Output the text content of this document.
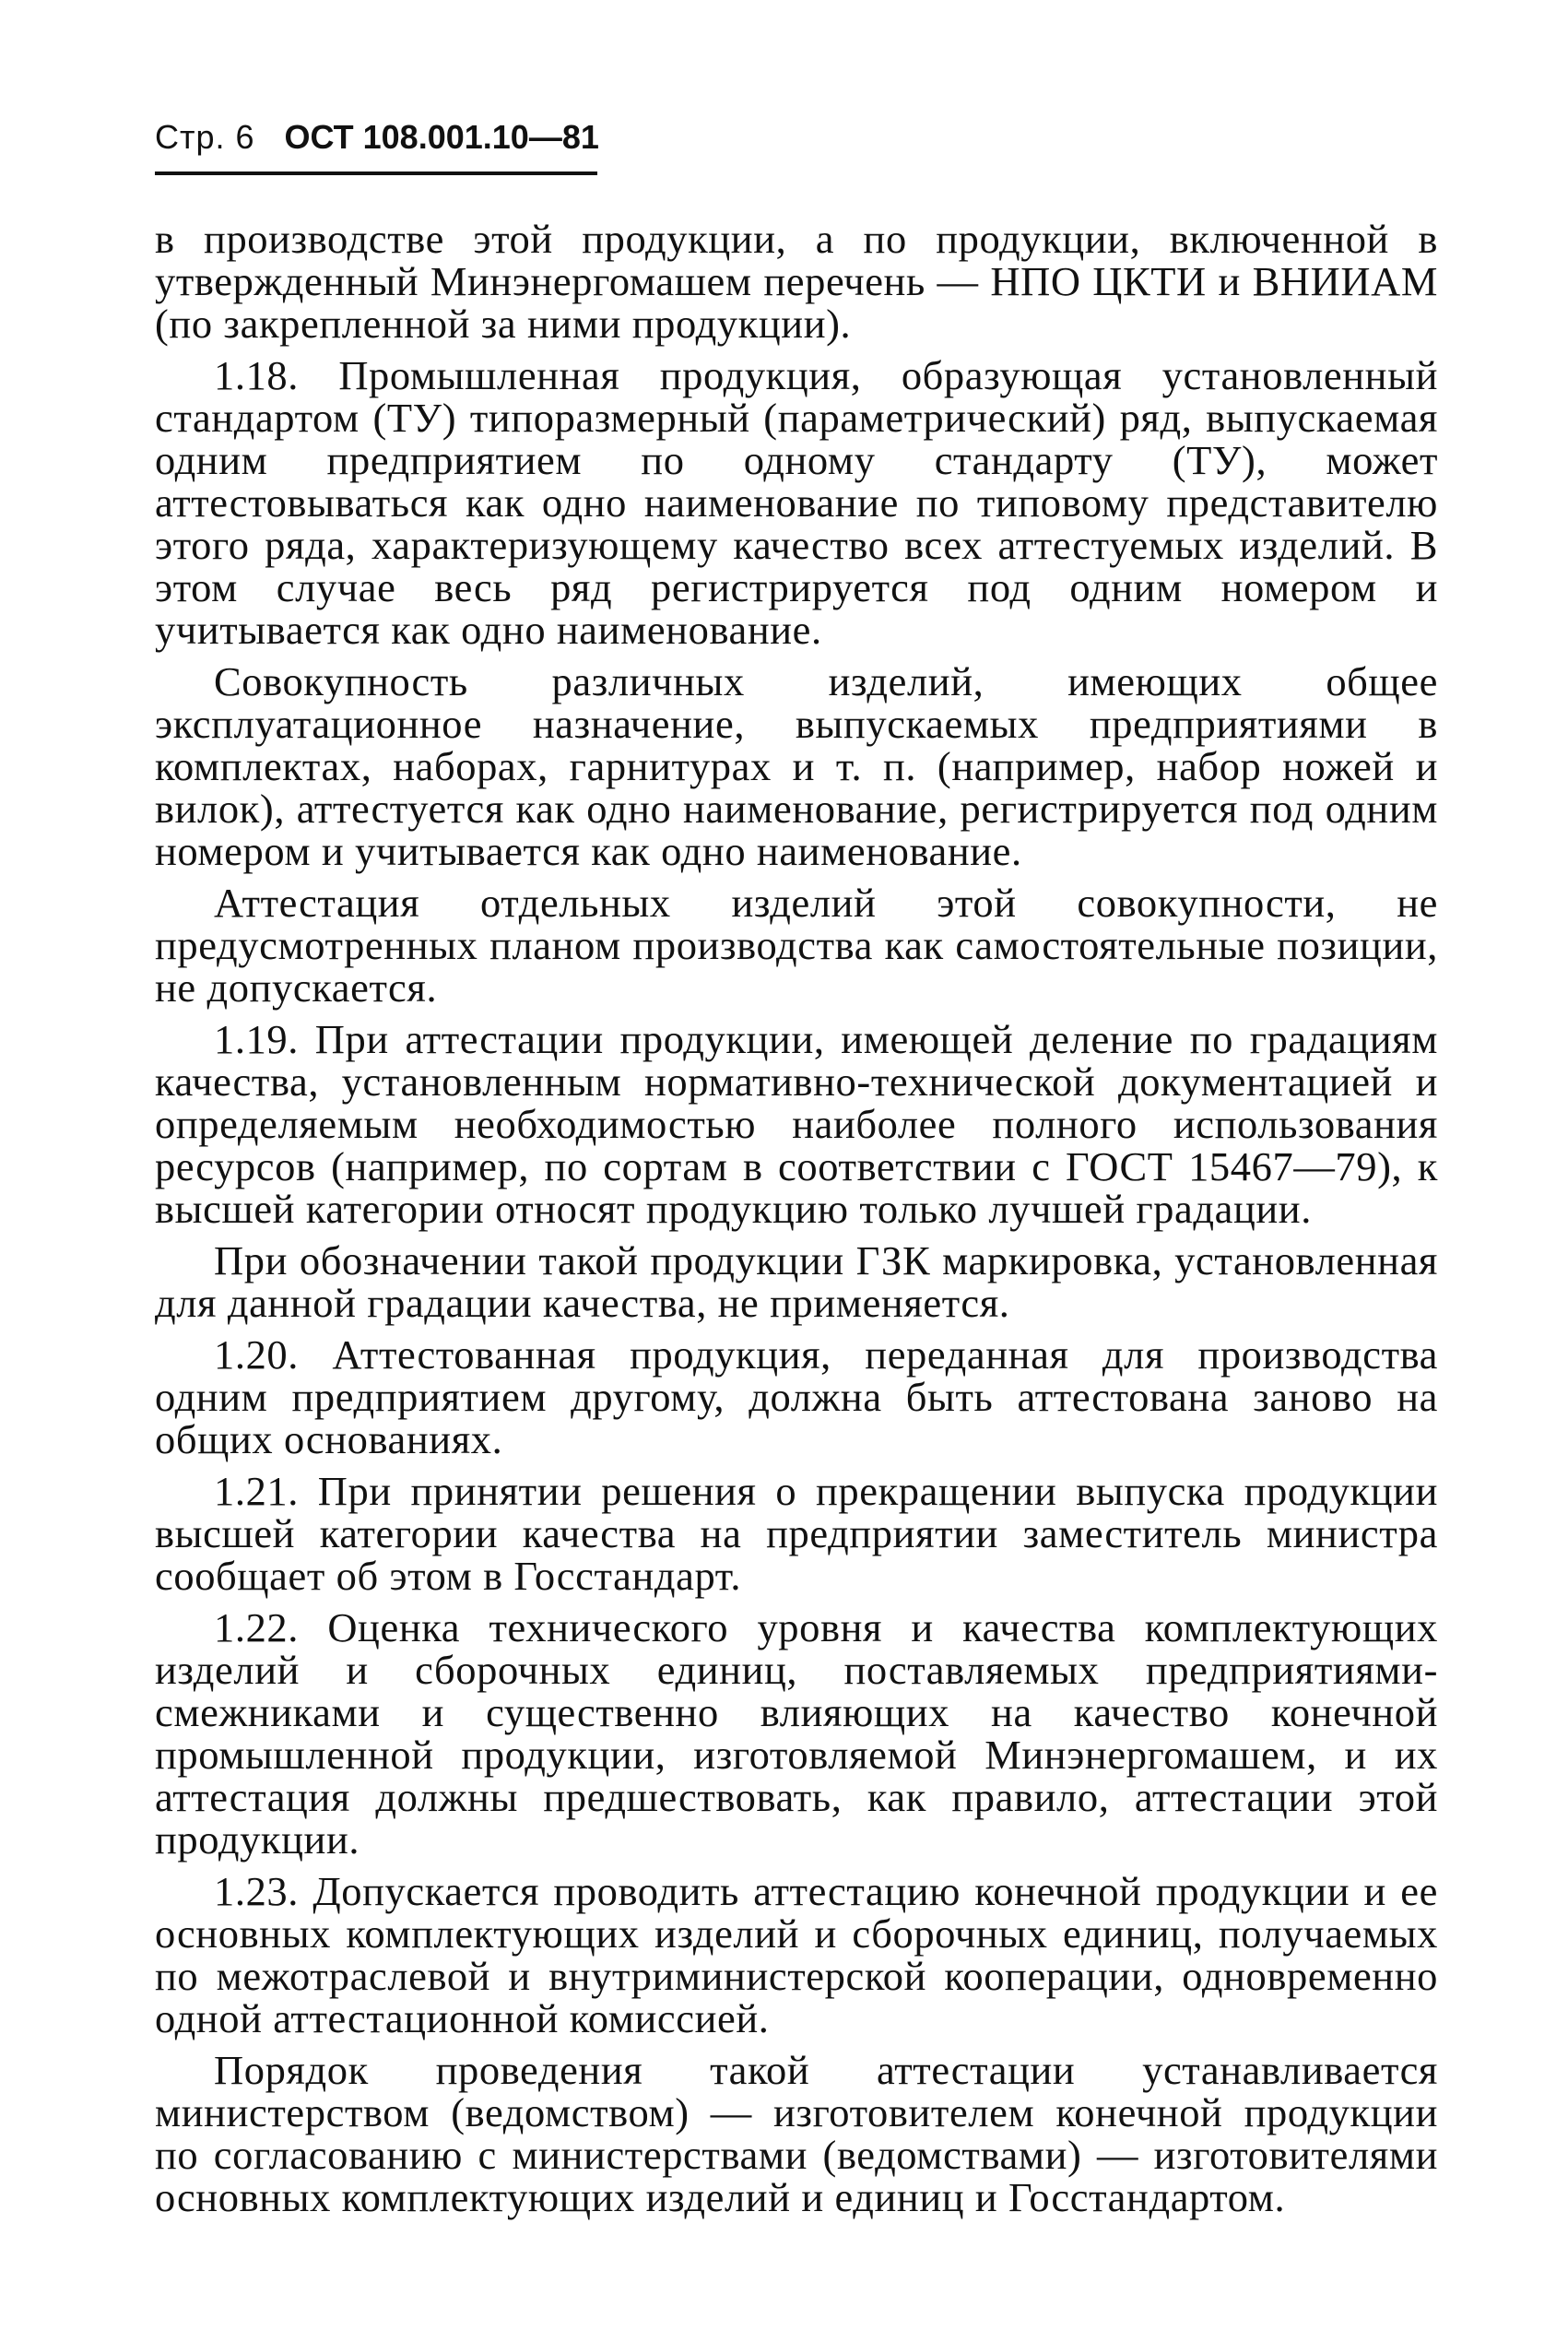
Стр. 6 ОСТ 108.001.10—81

в производстве этой продукции, а по продукции, включенной в утвержденный Минэнергомашем перечень — НПО ЦКТИ и ВНИИАМ (по закрепленной за ними продукции).

1.18. Промышленная продукция, образующая установленный стандартом (ТУ) типоразмерный (параметрический) ряд, выпускаемая одним предприятием по одному стандарту (ТУ), может аттестовываться как одно наименование по типовому представителю этого ряда, характеризующему качество всех аттестуемых изделий. В этом случае весь ряд регистрируется под одним номером и учитывается как одно наименование.

Совокупность различных изделий, имеющих общее эксплуатационное назначение, выпускаемых предприятиями в комплектах, наборах, гарнитурах и т. п. (например, набор ножей и вилок), аттестуется как одно наименование, регистрируется под одним номером и учитывается как одно наименование.

Аттестация отдельных изделий этой совокупности, не предусмотренных планом производства как самостоятельные позиции, не допускается.

1.19. При аттестации продукции, имеющей деление по градациям качества, установленным нормативно-технической документацией и определяемым необходимостью наиболее полного использования ресурсов (например, по сортам в соответствии с ГОСТ 15467—79), к высшей категории относят продукцию только лучшей градации.

При обозначении такой продукции ГЗК маркировка, установленная для данной градации качества, не применяется.

1.20. Аттестованная продукция, переданная для производства одним предприятием другому, должна быть аттестована заново на общих основаниях.

1.21. При принятии решения о прекращении выпуска продукции высшей категории качества на предприятии заместитель министра сообщает об этом в Госстандарт.

1.22. Оценка технического уровня и качества комплектующих изделий и сборочных единиц, поставляемых предприятиями-смежниками и существенно влияющих на качество конечной промышленной продукции, изготовляемой Минэнергомашем, и их аттестация должны предшествовать, как правило, аттестации этой продукции.

1.23. Допускается проводить аттестацию конечной продукции и ее основных комплектующих изделий и сборочных единиц, получаемых по межотраслевой и внутриминистерской кооперации, одновременно одной аттестационной комиссией.

Порядок проведения такой аттестации устанавливается министерством (ведомством) — изготовителем конечной продукции по согласованию с министерствами (ведомствами) — изготовителями основных комплектующих изделий и единиц и Госстандартом.
